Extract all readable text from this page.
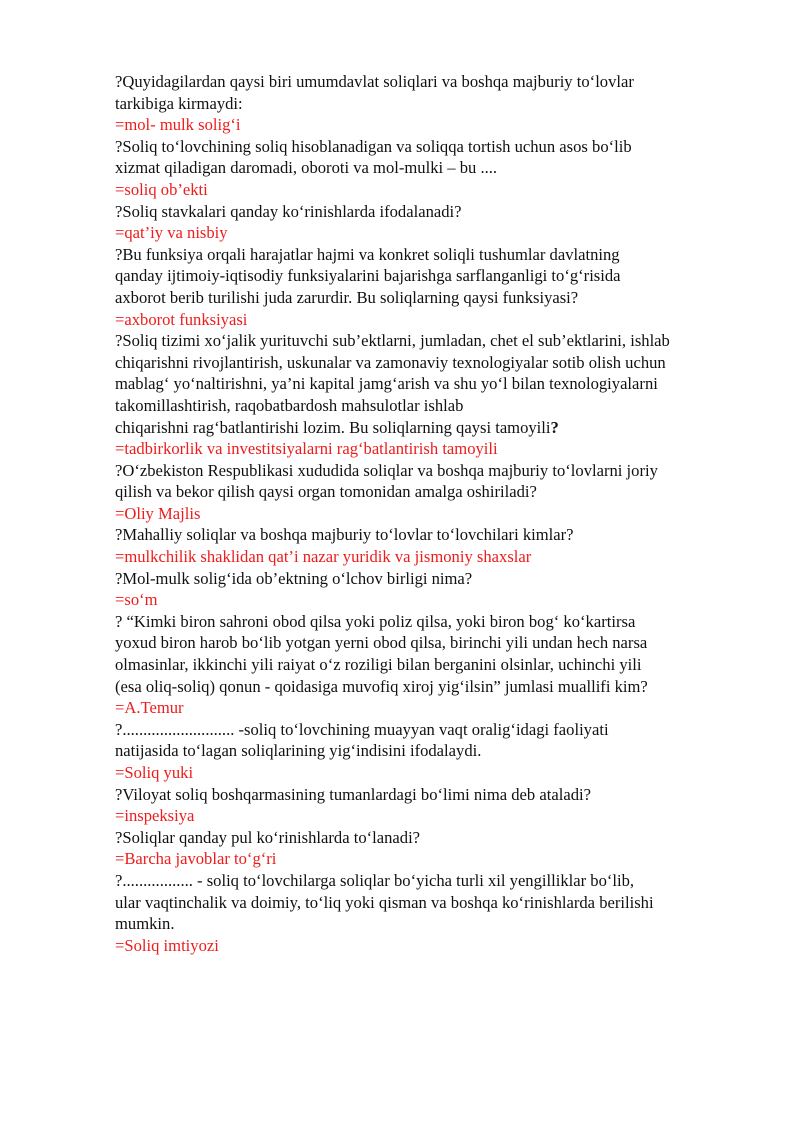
?Quyidagilardan qaysi biri umumdavlat soliqlari va boshqa majburiy to‘lovlar
tarkibiga kirmaydi:
=mol- mulk solig‘i
?Soliq to‘lovchining soliq hisoblanadigan va soliqqa tortish uchun asos bo‘lib
xizmat qiladigan daromadi, oboroti va mol-mulki – bu ....
=soliq ob’ekti
?Soliq stavkalari qanday ko‘rinishlarda ifodalanadi?
=qat’iy va nisbiy
?Bu funksiya orqali harajatlar hajmi va konkret soliqli tushumlar davlatning
qanday ijtimoiy-iqtisodiy funksiyalarini bajarishga sarflanganligi to‘g‘risida
axborot berib turilishi juda zarurdir. Bu soliqlarning qaysi funksiyasi?
=axborot funksiyasi
?Soliq tizimi xo‘jalik yurituvchi sub’ektlarni, jumladan, chet el sub’ektlarini, ishlab
chiqarishni rivojlantirish, uskunalar va zamonaviy texnologiyalar sotib olish uchun
mablag‘ yo‘naltirishni, ya’ni kapital jamg‘arish va shu yo‘l bilan texnologiyalarni
takomillashtirish, raqobatbardosh mahsulotlar ishlab
chiqarishni rag‘batlantirishi lozim. Bu soliqlarning qaysi tamoyili?
=tadbirkorlik va investitsiyalarni rag‘batlantirish tamoyili
?O‘zbekiston Respublikasi xududida soliqlar va boshqa majburiy to‘lovlarni joriy
qilish va bekor qilish qaysi organ tomonidan amalga oshiriladi?
=Oliy Majlis
?Mahalliy soliqlar va boshqa majburiy to‘lovlar to‘lovchilari kimlar?
=mulkchilik shaklidan qat’i nazar yuridik va jismoniy shaxslar
?Mol-mulk solig‘ida ob’ektning o‘lchov birligi nima?
=so‘m
? “Kimki biron sahroni obod qilsa yoki poliz qilsa, yoki biron bog‘ ko‘kartirsa
yoxud biron harob bo‘lib yotgan yerni obod qilsa, birinchi yili undan hech narsa
olmasinlar, ikkinchi yili raiyat o‘z roziligi bilan berganini olsinlar, uchinchi yili
(esa oliq-soliq) qonun - qoidasiga muvofiq xiroj yig‘ilsin” jumlasi muallifi kim?
=A.Temur
?........................... -soliq to‘lovchining muayyan vaqt oralig‘idagi faoliyati
natijasida to‘lagan soliqlarining yig‘indisini ifodalaydi.
=Soliq yuki
?Viloyat soliq boshqarmasining tumanlardagi bo‘limi nima deb ataladi?
=inspeksiya
?Soliqlar qanday pul ko‘rinishlarda to‘lanadi?
=Barcha javoblar to‘g‘ri
?................. - soliq to‘lovchilarga soliqlar bo‘yicha turli xil yengilliklar bo‘lib,
ular vaqtinchalik va doimiy, to‘liq yoki qisman va boshqa ko‘rinishlarda berilishi
mumkin.
=Soliq imtiyozi
